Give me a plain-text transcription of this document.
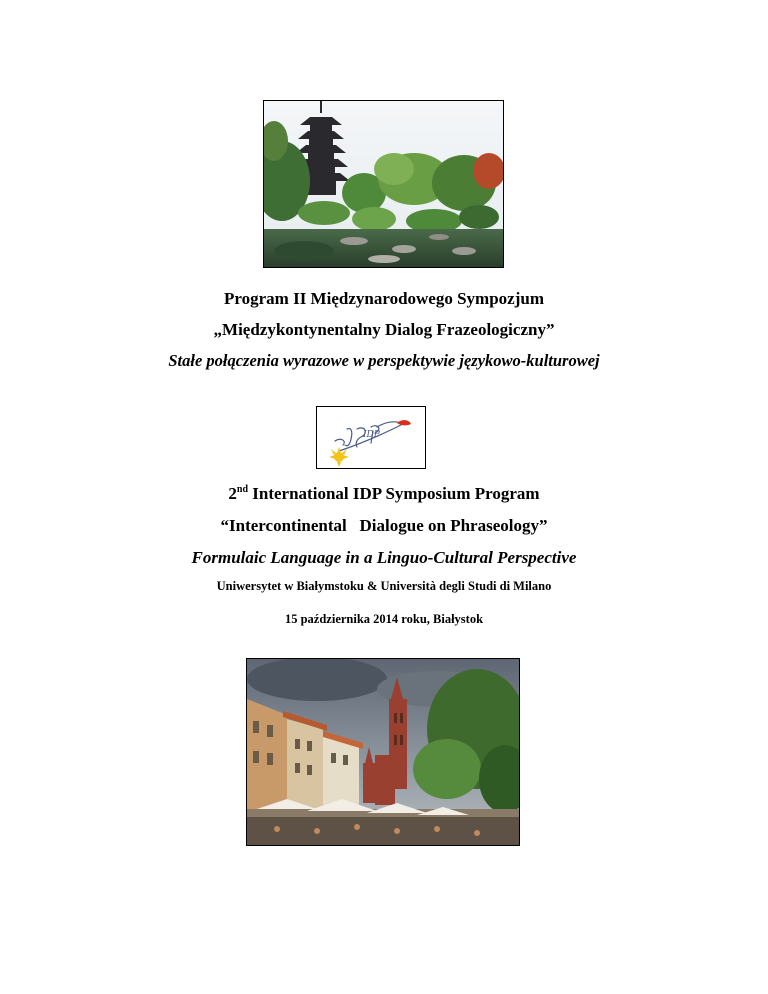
Program II Międzynarodowego Sympozjum
„Międzykontynentalny Dialog Frazeologiczny”
Stałe połączenia wyrazowe w perspektywie językowo-kulturowej
IDP
2nd International IDP Symposium Program
“Intercontinental   Dialogue on Phraseology”
Formulaic Language in a Linguo-Cultural Perspective
Uniwersytet w Białymstoku & Università degli Studi di Milano
15 października 2014 roku, Białystok
